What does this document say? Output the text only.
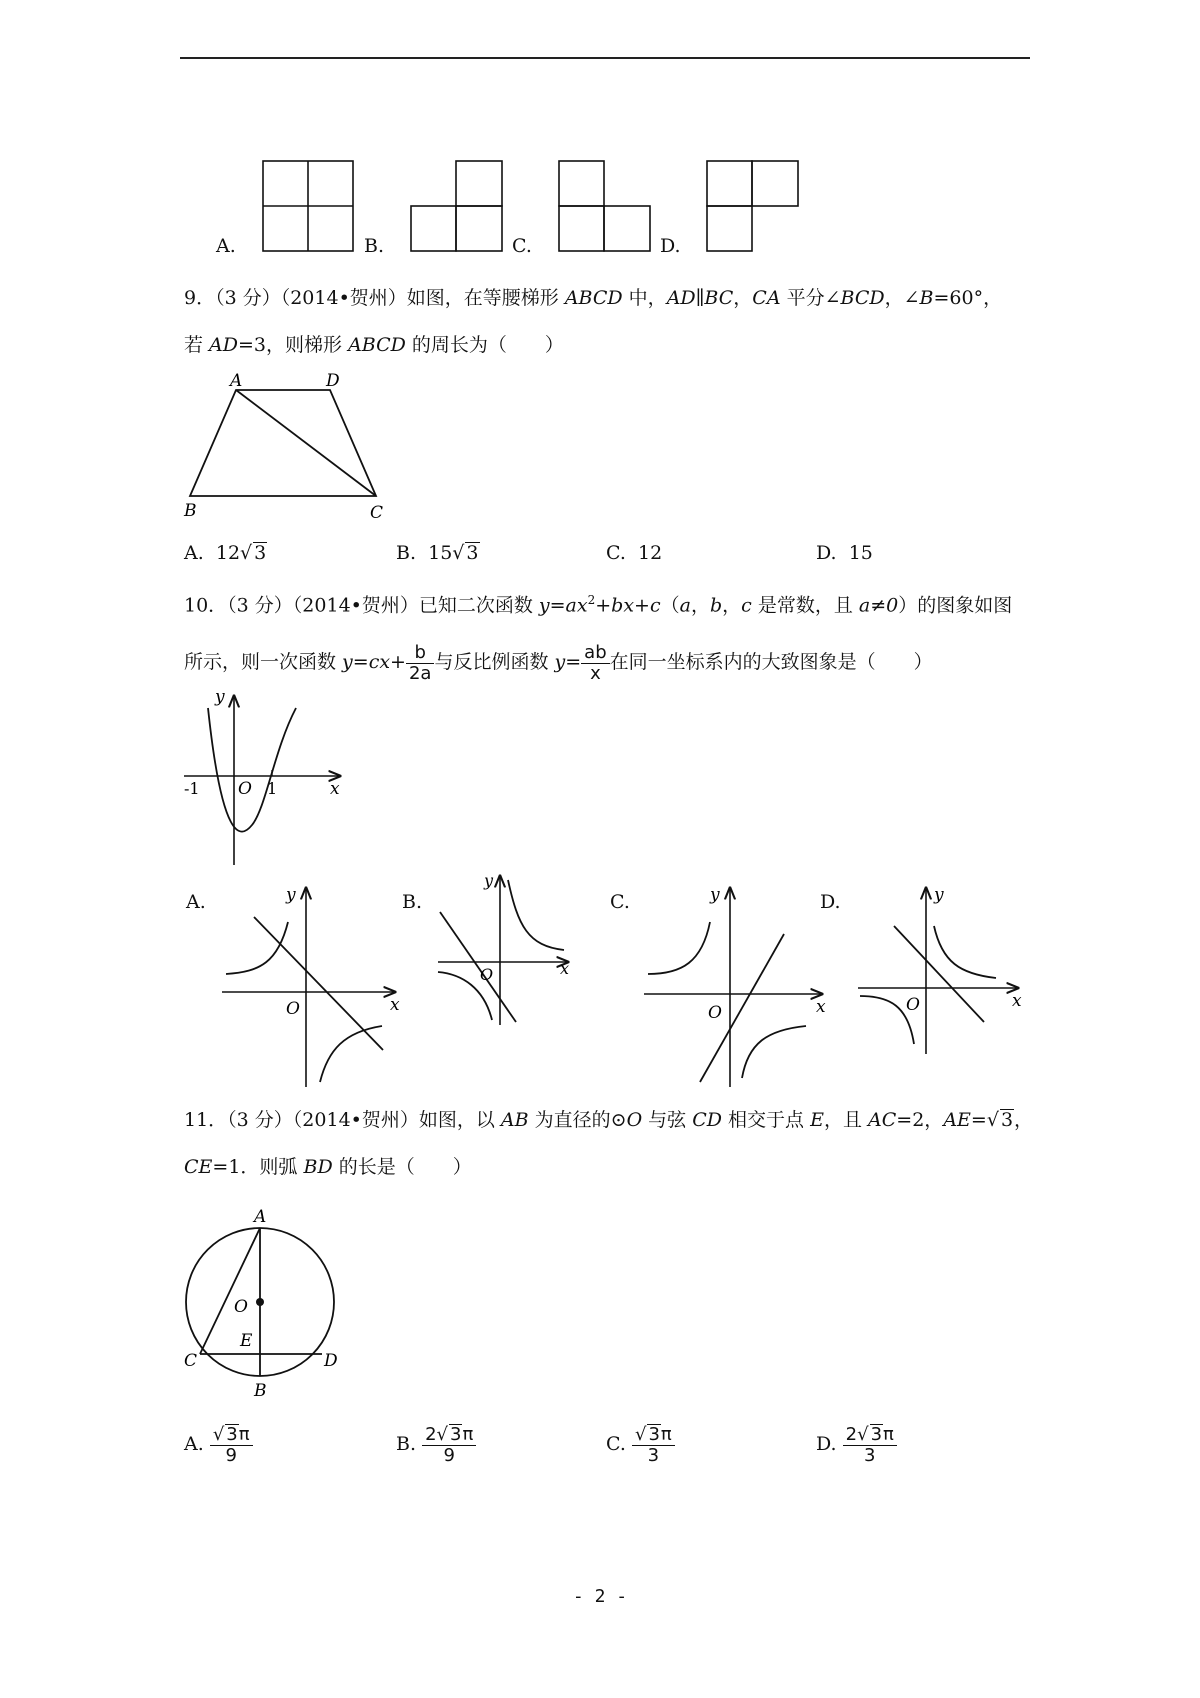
A.	B.	C.	D.
9．（3 分）（2014•贺州）如图，在等腰梯形 ABCD 中，AD∥BC，CA 平分∠BCD，∠B=60°，
若 AD=3，则梯形 ABCD 的周长为（　　）
A	D
B	C
A. 12√ 3	B. 15√ 3	C. 12	D. 15
10．（3 分）（2014•贺州）已知二次函数 $y=ax^2+bx+c(a$，b，c 是常数，且 a≠0）的图象如图
所示，则一次函数 $y=cx+ \frac{b}{2a}$ 与反比例函数 $y= \frac{ab}{x}$ 在同一坐标系内的大致图象是（　　）
y
x
O
-1	1
A.	y
x
O
B.
y
x
O
C.	y
x
O
D.	y
x
O
11．（3 分）（2014•贺州）如图，以 AB 为直径的⊙O 与弦 CD 相交于点 E，且 AC=2，AE=√ 3，
CE=1．则弧 BD 的长是（　　）
A
O
E
C	D
B
A. $\frac{√ 3\pi}{9}$	B. $\frac{2√ 3\pi}{9}$	C. $\frac{√ 3\pi}{3}$	D. $\frac{2√ 3\pi}{3}$
- 2 -
